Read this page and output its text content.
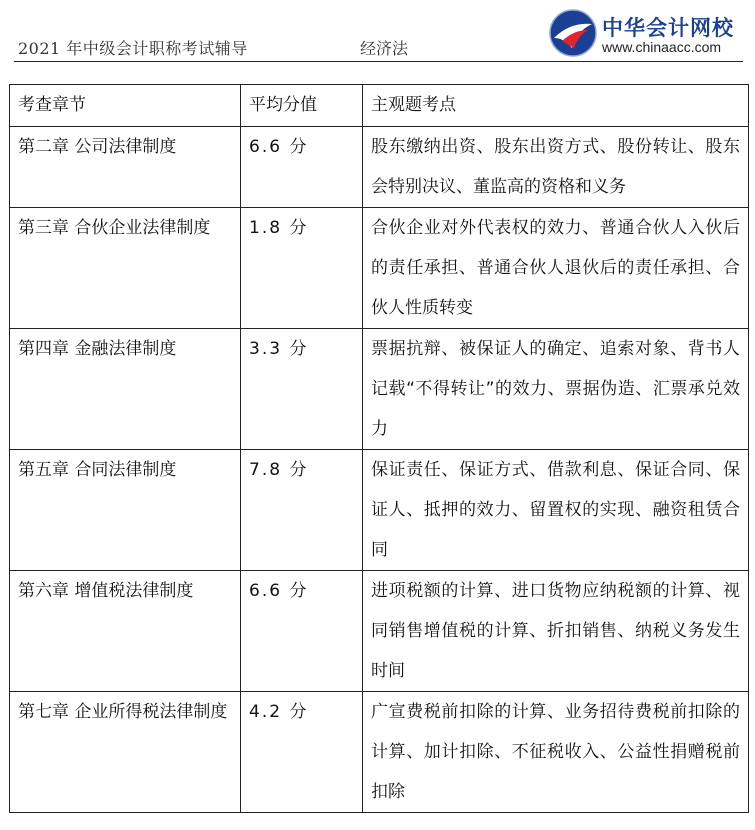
2021 年中级会计职称考试辅导	经济法
中华会计网校
www.chinaacc.com
考查章节	平均分值	主观题考点
第二章 公司法律制度	6.6 分	股东缴纳出资、股东出资方式、股份转让、股东会特别决议、董监高的资格和义务
第三章 合伙企业法律制度	1.8 分	合伙企业对外代表权的效力、普通合伙人入伙后的责任承担、普通合伙人退伙后的责任承担、合伙人性质转变
第四章 金融法律制度	3.3 分	票据抗辩、被保证人的确定、追索对象、背书人记载“不得转让”的效力、票据伪造、汇票承兑效力
第五章 合同法律制度	7.8 分	保证责任、保证方式、借款利息、保证合同、保证人、抵押的效力、留置权的实现、融资租赁合同
第六章 增值税法律制度	6.6 分	进项税额的计算、进口货物应纳税额的计算、视同销售增值税的计算、折扣销售、纳税义务发生时间
第七章 企业所得税法律制度	4.2 分	广宣费税前扣除的计算、业务招待费税前扣除的计算、加计扣除、不征税收入、公益性捐赠税前扣除
